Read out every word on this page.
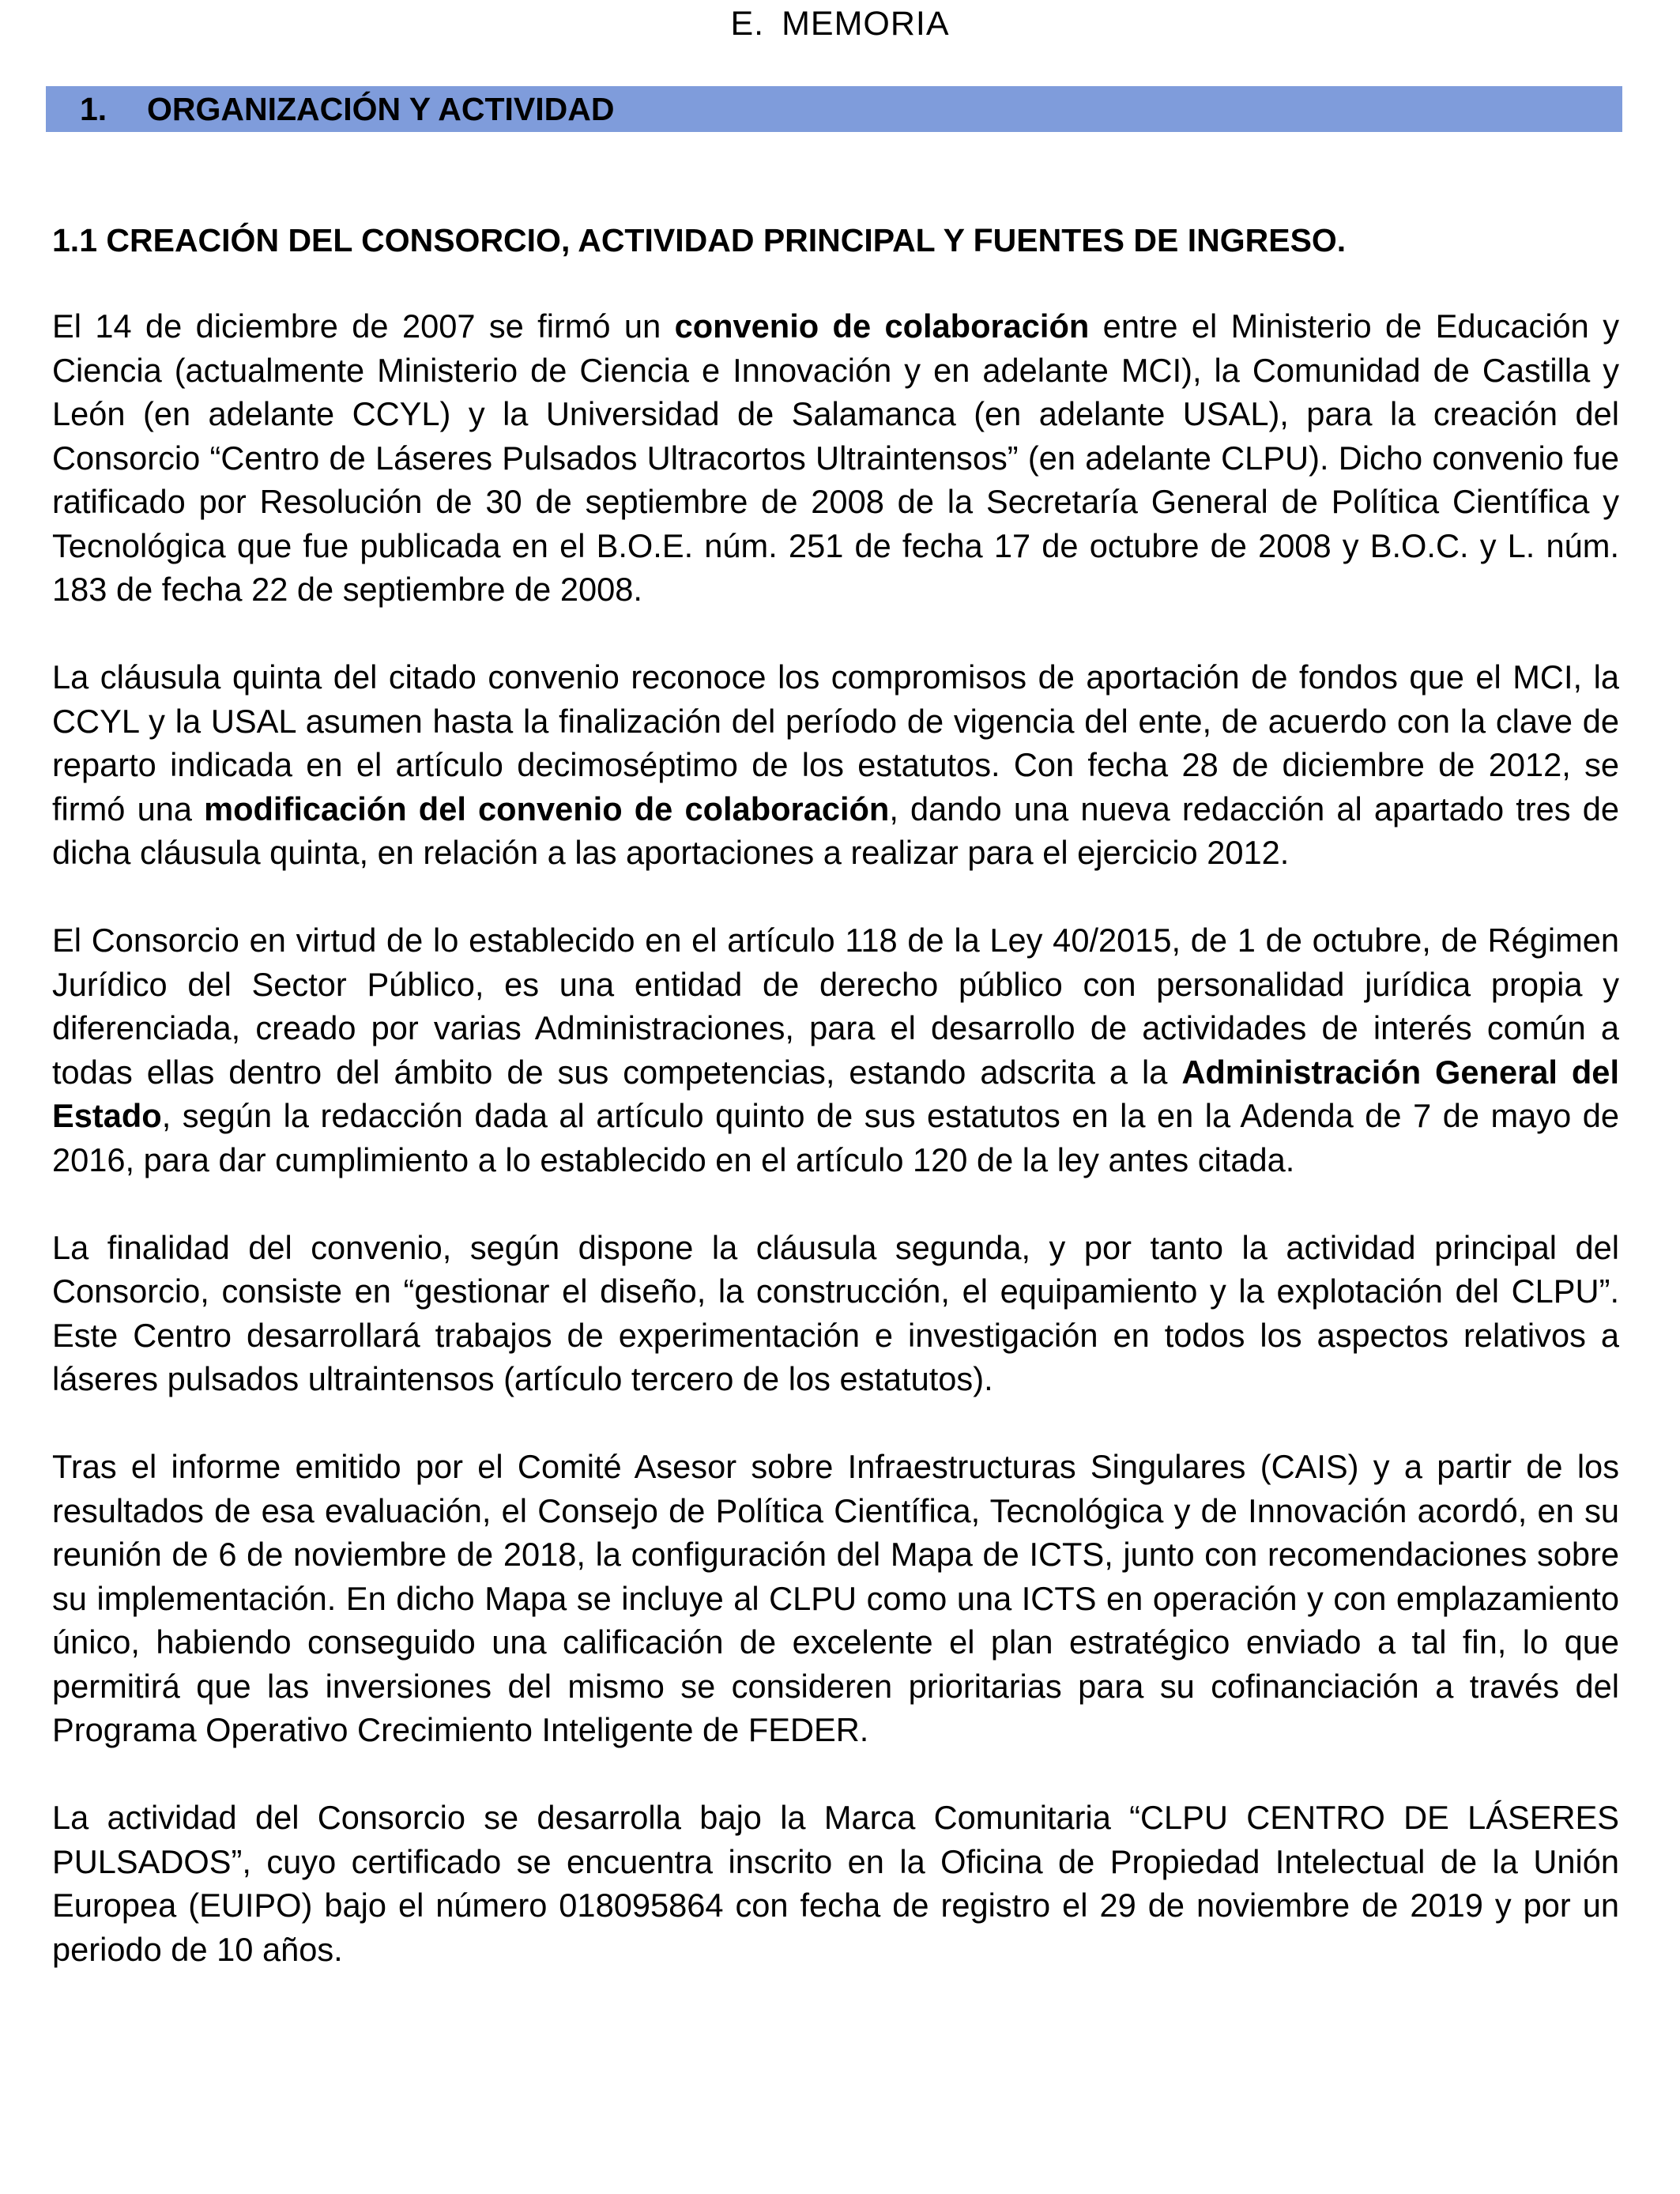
E. MEMORIA
1. ORGANIZACIÓN Y ACTIVIDAD
1.1 CREACIÓN DEL CONSORCIO, ACTIVIDAD PRINCIPAL Y FUENTES DE INGRESO.

El 14 de diciembre de 2007 se firmó un convenio de colaboración entre el Ministerio de Educación y Ciencia (actualmente Ministerio de Ciencia e Innovación y en adelante MCI), la Comunidad de Castilla y León (en adelante CCYL) y la Universidad de Salamanca (en adelante USAL), para la creación del Consorcio “Centro de Láseres Pulsados Ultracortos Ultraintensos” (en adelante CLPU). Dicho convenio fue ratificado por Resolución de 30 de septiembre de 2008 de la Secretaría General de Política Científica y Tecnológica que fue publicada en el B.O.E. núm. 251 de fecha 17 de octubre de 2008 y B.O.C. y L. núm. 183 de fecha 22 de septiembre de 2008.

La cláusula quinta del citado convenio reconoce los compromisos de aportación de fondos que el MCI, la CCYL y la USAL asumen hasta la finalización del período de vigencia del ente, de acuerdo con la clave de reparto indicada en el artículo decimoséptimo de los estatutos. Con fecha 28 de diciembre de 2012, se firmó una modificación del convenio de colaboración, dando una nueva redacción al apartado tres de dicha cláusula quinta, en relación a las aportaciones a realizar para el ejercicio 2012.

El Consorcio en virtud de lo establecido en el artículo 118 de la Ley 40/2015, de 1 de octubre, de Régimen Jurídico del Sector Público, es una entidad de derecho público con personalidad jurídica propia y diferenciada, creado por varias Administraciones, para el desarrollo de actividades de interés común a todas ellas dentro del ámbito de sus competencias, estando adscrita a la Administración General del Estado, según la redacción dada al artículo quinto de sus estatutos en la en la Adenda de 7 de mayo de 2016, para dar cumplimiento a lo establecido en el artículo 120 de la ley antes citada.

La finalidad del convenio, según dispone la cláusula segunda, y por tanto la actividad principal del Consorcio, consiste en “gestionar el diseño, la construcción, el equipamiento y la explotación del CLPU”. Este Centro desarrollará trabajos de experimentación e investigación en todos los aspectos relativos a láseres pulsados ultraintensos (artículo tercero de los estatutos).

Tras el informe emitido por el Comité Asesor sobre Infraestructuras Singulares (CAIS) y a partir de los resultados de esa evaluación, el Consejo de Política Científica, Tecnológica y de Innovación acordó, en su reunión de 6 de noviembre de 2018, la configuración del Mapa de ICTS, junto con recomendaciones sobre su implementación. En dicho Mapa se incluye al CLPU como una ICTS en operación y con emplazamiento único, habiendo conseguido una calificación de excelente el plan estratégico enviado a tal fin, lo que permitirá que las inversiones del mismo se consideren prioritarias para su cofinanciación a través del Programa Operativo Crecimiento Inteligente de FEDER.

La actividad del Consorcio se desarrolla bajo la Marca Comunitaria “CLPU CENTRO DE LÁSERES PULSADOS”, cuyo certificado se encuentra inscrito en la Oficina de Propiedad Intelectual de la Unión Europea (EUIPO) bajo el número 018095864 con fecha de registro el 29 de noviembre de 2019 y por un periodo de 10 años.
